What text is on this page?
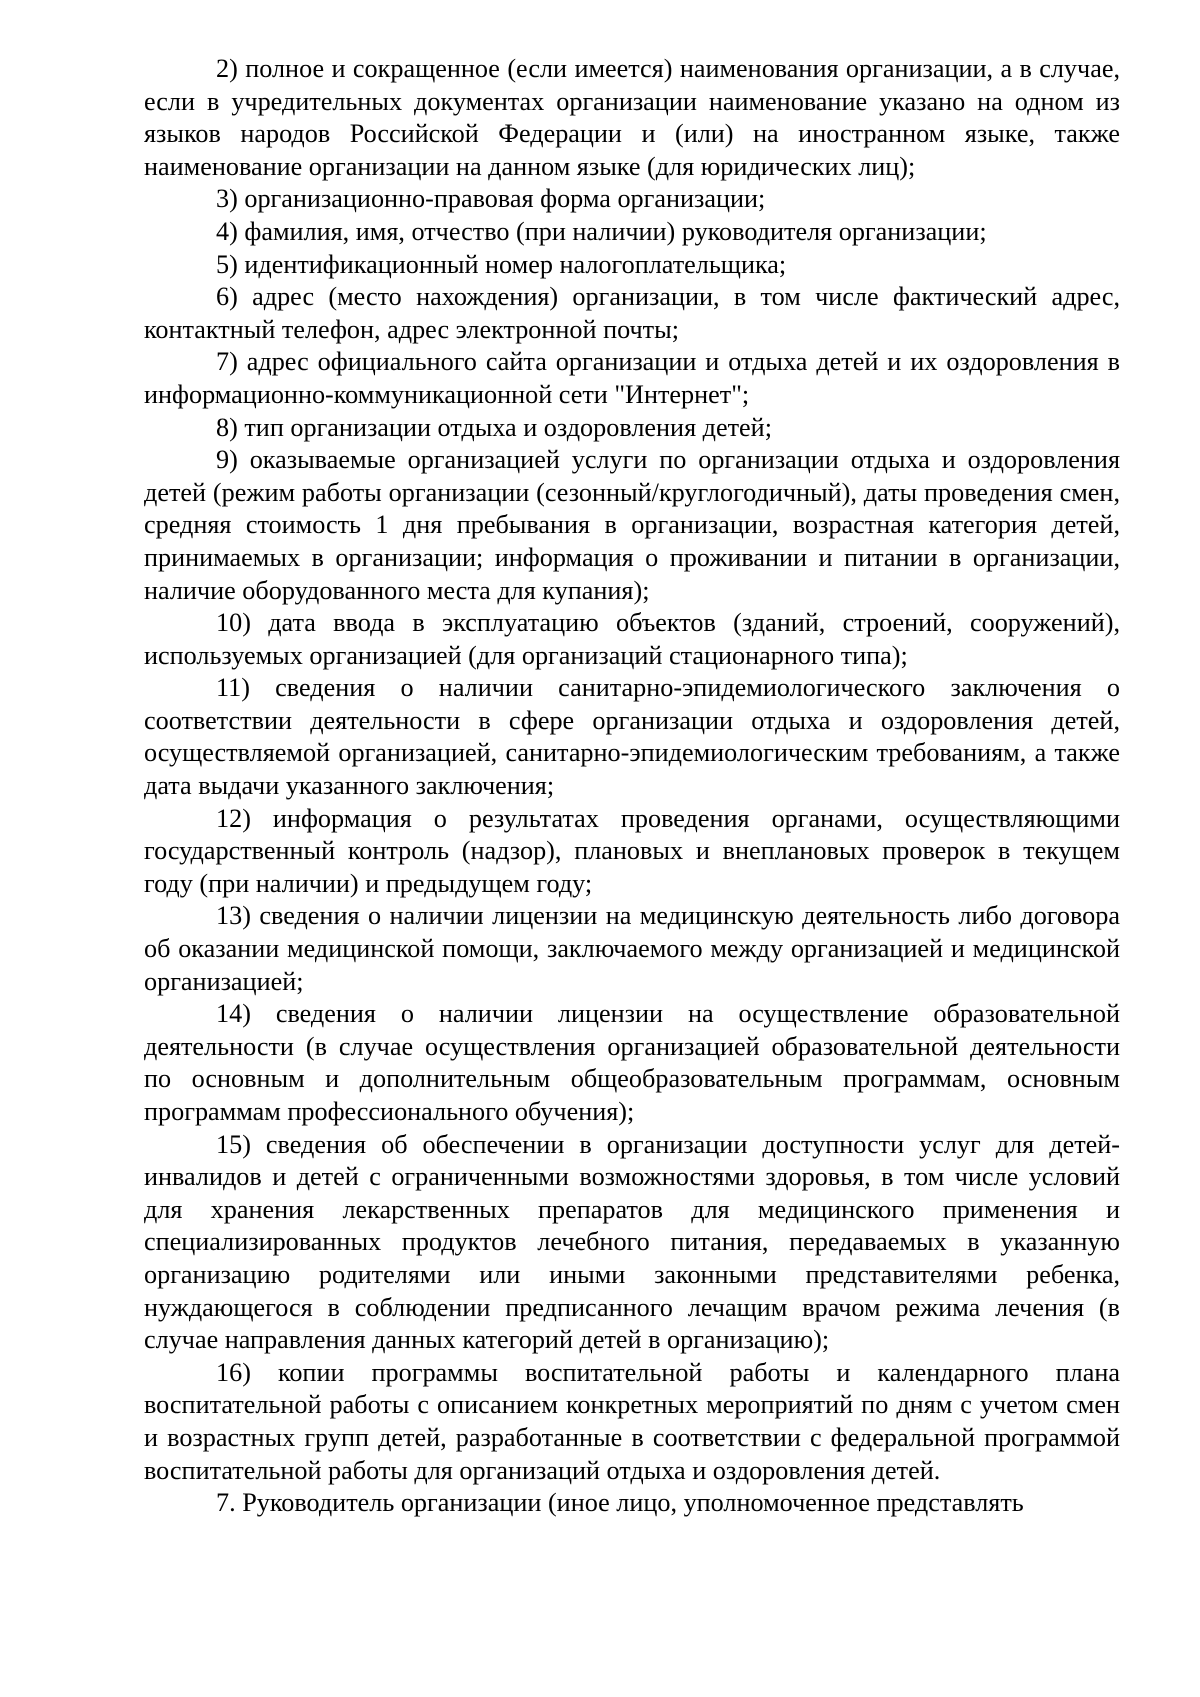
2) полное и сокращенное (если имеется) наименования организации, а в случае, если в учредительных документах организации наименование указано на одном из языков народов Российской Федерации и (или) на иностранном языке, также наименование организации на данном языке (для юридических лиц);

3) организационно-правовая форма организации;

4) фамилия, имя, отчество (при наличии) руководителя организации;

5) идентификационный номер налогоплательщика;

6) адрес (место нахождения) организации, в том числе фактический адрес, контактный телефон, адрес электронной почты;

7) адрес официального сайта организации и отдыха детей и их оздоровления в информационно-коммуникационной сети "Интернет";

8) тип организации отдыха и оздоровления детей;

9) оказываемые организацией услуги по организации отдыха и оздоровления детей (режим работы организации (сезонный/круглогодичный), даты проведения смен, средняя стоимость 1 дня пребывания в организации, возрастная категория детей, принимаемых в организации; информация о проживании и питании в организации, наличие оборудованного места для купания);

10) дата ввода в эксплуатацию объектов (зданий, строений, сооружений), используемых организацией (для организаций стационарного типа);

11) сведения о наличии санитарно-эпидемиологического заключения о соответствии деятельности в сфере организации отдыха и оздоровления детей, осуществляемой организацией, санитарно-эпидемиологическим требованиям, а также дата выдачи указанного заключения;

12) информация о результатах проведения органами, осуществляющими государственный контроль (надзор), плановых и внеплановых проверок в текущем году (при наличии) и предыдущем году;

13) сведения о наличии лицензии на медицинскую деятельность либо договора об оказании медицинской помощи, заключаемого между организацией и медицинской организацией;

14) сведения о наличии лицензии на осуществление образовательной деятельности (в случае осуществления организацией образовательной деятельности по основным и дополнительным общеобразовательным программам, основным программам профессионального обучения);

15) сведения об обеспечении в организации доступности услуг для детей-инвалидов и детей с ограниченными возможностями здоровья, в том числе условий для хранения лекарственных препаратов для медицинского применения и специализированных продуктов лечебного питания, передаваемых в указанную организацию родителями или иными законными представителями ребенка, нуждающегося в соблюдении предписанного лечащим врачом режима лечения (в случае направления данных категорий детей в организацию);

16) копии программы воспитательной работы и календарного плана воспитательной работы с описанием конкретных мероприятий по дням с учетом смен и возрастных групп детей, разработанные в соответствии с федеральной программой воспитательной работы для организаций отдыха и оздоровления детей.

7. Руководитель организации (иное лицо, уполномоченное представлять
